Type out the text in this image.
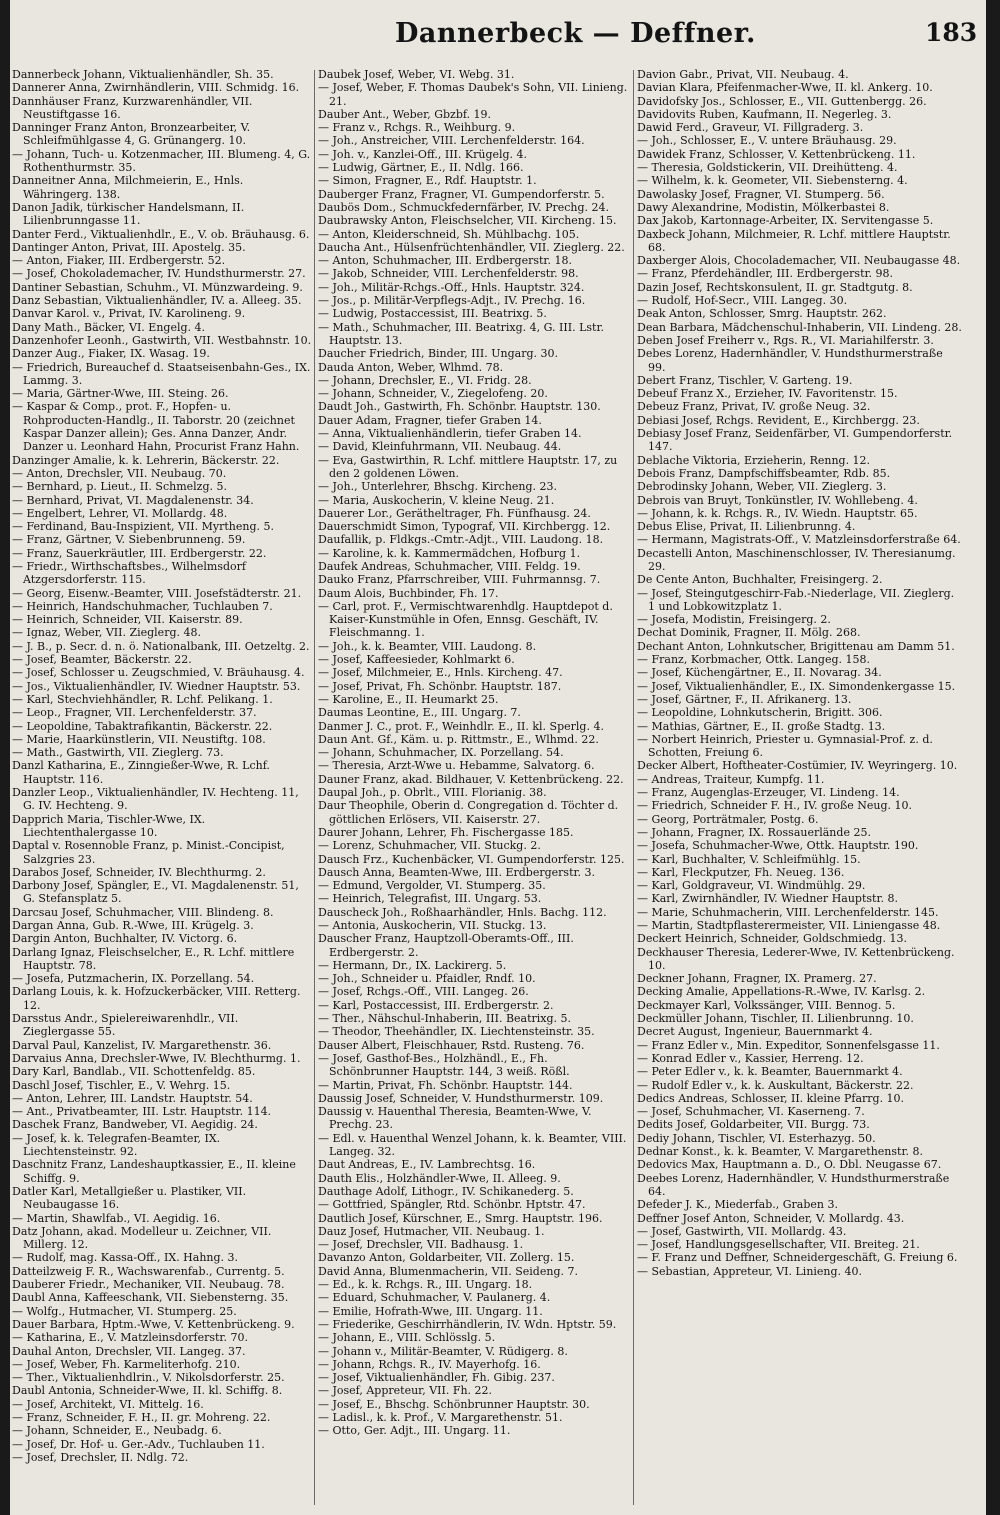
Dannerbeck — Deffner.	183
Dannerbeck Johann, Viktualienhändler, Sh. 35.
Dannerer Anna, Zwirnhändlerin, VIII. Schmidg. 16.
Dannhäuser Franz, Kurzwarenhändler, VII. Neustiftgasse 16.
Danninger Franz Anton, Bronzearbeiter, V. Schleifmühlgasse 4, G. Grünangerg. 10.
— Johann, Tuch- u. Kotzenmacher, III. Blumeng. 4, G. Rothenthurmstr. 35.
Danneitner Anna, Milchmeierin, E., Hnls. Währingerg. 138.
Danon Jadik, türkischer Handelsmann, II. Lilienbrunngasse 11.
Danter Ferd., Viktualienhdlr., E., V. ob. Bräuhausg. 6.
Dantinger Anton, Privat, III. Apostelg. 35.
— Anton, Fiaker, III. Erdbergerstr. 52.
— Josef, Chokolademacher, IV. Hundsthurmerstr. 27.
Dantiner Sebastian, Schuhm., VI. Münzwardeing. 9.
Danz Sebastian, Viktualienhändler, IV. a. Alleeg. 35.
Danvar Karol. v., Privat, IV. Karolineng. 9.
Dany Math., Bäcker, VI. Engelg. 4.
Danzenhofer Leonh., Gastwirth, VII. Westbahnstr. 10.
Danzer Aug., Fiaker, IX. Wasag. 19.
— Friedrich, Bureauchef d. Staatseisenbahn-Ges., IX. Lammg. 3.
— Maria, Gärtner-Wwe, III. Steing. 26.
— Kaspar & Comp., prot. F., Hopfen- u. Rohproducten-Handlg., II. Taborstr. 20 (zeichnet Kaspar Danzer allein); Ges. Anna Danzer, Andr. Danzer u. Leonhard Hahn, Procurist Franz Hahn.
Danzinger Amalie, k. k. Lehrerin, Bäckerstr. 22.
— Anton, Drechsler, VII. Neubaug. 70.
— Bernhard, p. Lieut., II. Schmelzg. 5.
— Bernhard, Privat, VI. Magdalenenstr. 34.
— Engelbert, Lehrer, VI. Mollardg. 48.
— Ferdinand, Bau-Inspizient, VII. Myrtheng. 5.
— Franz, Gärtner, V. Siebenbrunneng. 59.
— Franz, Sauerkräutler, III. Erdbergerstr. 22.
— Friedr., Wirthschaftsbes., Wilhelmsdorf Atzgersdorferstr. 115.
— Georg, Eisenw.-Beamter, VIII. Josefstädterstr. 21.
— Heinrich, Handschuhmacher, Tuchlauben 7.
— Heinrich, Schneider, VII. Kaiserstr. 89.
— Ignaz, Weber, VII. Zieglerg. 48.
— J. B., p. Secr. d. n. ö. Nationalbank, III. Oetzeltg. 2.
— Josef, Beamter, Bäckerstr. 22.
— Josef, Schlosser u. Zeugschmied, V. Bräuhausg. 4.
— Jos., Viktualienhändler, IV. Wiedner Hauptstr. 53.
— Karl, Stechviehhändler, R. Lchf. Pelikang. 1.
— Leop., Fragner, VII. Lerchenfelderstr. 37.
— Leopoldine, Tabaktrafikantin, Bäckerstr. 22.
— Marie, Haarkünstlerin, VII. Neustiftg. 108.
— Math., Gastwirth, VII. Zieglerg. 73.
Danzl Katharina, E., Zinngießer-Wwe, R. Lchf. Hauptstr. 116.
Danzler Leop., Viktualienhändler, IV. Hechteng. 11, G. IV. Hechteng. 9.
Dapprich Maria, Tischler-Wwe, IX. Liechtenthalergasse 10.
Daptal v. Rosennoble Franz, p. Minist.-Concipist, Salzgries 23.
Darabos Josef, Schneider, IV. Blechthurmg. 2.
Darbony Josef, Spängler, E., VI. Magdalenenstr. 51, G. Stefansplatz 5.
Darcsau Josef, Schuhmacher, VIII. Blindeng. 8.
Dargan Anna, Gub. R.-Wwe, III. Krügelg. 3.
Dargin Anton, Buchhalter, IV. Victorg. 6.
Darlang Ignaz, Fleischselcher, E., R. Lchf. mittlere Hauptstr. 78.
— Josefa, Putzmacherin, IX. Porzellang. 54.
Darlang Louis, k. k. Hofzuckerbäcker, VIII. Retterg. 12.
Darsstus Andr., Spielereiwarenhdlr., VII. Zieglergasse 55.
Darval Paul, Kanzelist, IV. Margarethenstr. 36.
Darvaius Anna, Drechsler-Wwe, IV. Blechthurmg. 1.
Dary Karl, Bandlab., VII. Schottenfeldg. 85.
Daschl Josef, Tischler, E., V. Wehrg. 15.
— Anton, Lehrer, III. Landstr. Hauptstr. 54.
— Ant., Privatbeamter, III. Lstr. Hauptstr. 114.
Daschek Franz, Bandweber, VI. Aegidig. 24.
— Josef, k. k. Telegrafen-Beamter, IX. Liechtensteinstr. 92.
Daschnitz Franz, Landeshauptkassier, E., II. kleine Schiffg. 9.
Datler Karl, Metallgießer u. Plastiker, VII. Neubaugasse 16.
— Martin, Shawlfab., VI. Aegidig. 16.
Datz Johann, akad. Modelleur u. Zeichner, VII. Millerg. 12.
— Rudolf, mag. Kassa-Off., IX. Hahng. 3.
Datteilzweig F. R., Wachswarenfab., Currentg. 5.
Dauberer Friedr., Mechaniker, VII. Neubaug. 78.
Daubl Anna, Kaffeeschank, VII. Siebensterng. 35.
— Wolfg., Hutmacher, VI. Stumperg. 25.
Dauer Barbara, Hptm.-Wwe, V. Kettenbrückeng. 9.
— Katharina, E., V. Matzleinsdorferstr. 70.
Dauhal Anton, Drechsler, VII. Langeg. 37.
— Josef, Weber, Fh. Karmeliterhofg. 210.
— Ther., Viktualienhdlrin., V. Nikolsdorferstr. 25.
Daubl Antonia, Schneider-Wwe, II. kl. Schiffg. 8.
— Josef, Architekt, VI. Mittelg. 16.
— Franz, Schneider, F. H., II. gr. Mohreng. 22.
— Johann, Schneider, E., Neubadg. 6.
— Josef, Dr. Hof- u. Ger.-Adv., Tuchlauben 11.
— Josef, Drechsler, II. Ndlg. 72.
Daubek Josef, Weber, VI. Webg. 31.
— Josef, Weber, F. Thomas Daubek's Sohn, VII. Linieng. 21.
Dauber Ant., Weber, Gbzbf. 19.
— Franz v., Rchgs. R., Weihburg. 9.
— Joh., Anstreicher, VIII. Lerchenfelderstr. 164.
— Joh. v., Kanzlei-Off., III. Krügelg. 4.
— Ludwig, Gärtner, E., II. Ndlg. 166.
— Simon, Fragner, E., Rdf. Hauptstr. 1.
Dauberger Franz, Fragner, VI. Gumpendorferstr. 5.
Daubös Dom., Schmuckfedernfärber, IV. Prechg. 24.
Daubrawsky Anton, Fleischselcher, VII. Kircheng. 15.
— Anton, Kleiderschneid, Sh. Mühlbachg. 105.
Daucha Ant., Hülsenfrüchtenhändler, VII. Zieglerg. 22.
— Anton, Schuhmacher, III. Erdbergerstr. 18.
— Jakob, Schneider, VIII. Lerchenfelderstr. 98.
— Joh., Militär-Rchgs.-Off., Hnls. Hauptstr. 324.
— Jos., p. Militär-Verpflegs-Adjt., IV. Prechg. 16.
— Ludwig, Postaccessist, III. Beatrixg. 5.
— Math., Schuhmacher, III. Beatrixg. 4, G. III. Lstr. Hauptstr. 13.
Daucher Friedrich, Binder, III. Ungarg. 30.
Dauda Anton, Weber, Wlhmd. 78.
— Johann, Drechsler, E., VI. Fridg. 28.
— Johann, Schneider, V., Ziegelofeng. 20.
Daudt Joh., Gastwirth, Fh. Schönbr. Hauptstr. 130.
Dauer Adam, Fragner, tiefer Graben 14.
— Anna, Viktualienhändlerin, tiefer Graben 14.
— David, Kleinfuhrmann, VII. Neubaug. 44.
— Eva, Gastwirthin, R. Lchf. mittlere Hauptstr. 17, zu den 2 goldenen Löwen.
— Joh., Unterlehrer, Bhschg. Kircheng. 23.
— Maria, Auskocherin, V. kleine Neug. 21.
Dauerer Lor., Gerätheltrager, Fh. Fünfhausg. 24.
Dauerschmidt Simon, Typograf, VII. Kirchbergg. 12.
Daufallik, p. Fldkgs.-Cmtr.-Adjt., VIII. Laudong. 18.
— Karoline, k. k. Kammermädchen, Hofburg 1.
Daufek Andreas, Schuhmacher, VIII. Feldg. 19.
Dauko Franz, Pfarrschreiber, VIII. Fuhrmannsg. 7.
Daum Alois, Buchbinder, Fh. 17.
— Carl, prot. F., Vermischtwarenhdlg. Hauptdepot d. Kaiser-Kunstmühle in Ofen, Ennsg. Geschäft, IV. Fleischmanng. 1.
— Joh., k. k. Beamter, VIII. Laudong. 8.
— Josef, Kaffeesieder, Kohlmarkt 6.
— Josef, Milchmeier, E., Hnls. Kircheng. 47.
— Josef, Privat, Fh. Schönbr. Hauptstr. 187.
— Karoline, E., II. Heumarkt 25.
Daumas Leontine, E., III. Ungarg. 7.
Danmer J. C., prot. F., Weinhdlr. E., II. kl. Sperlg. 4.
Daun Ant. Gf., Käm. u. p. Rittmstr., E., Wlhmd. 22.
— Johann, Schuhmacher, IX. Porzellang. 54.
— Theresia, Arzt-Wwe u. Hebamme, Salvatorg. 6.
Dauner Franz, akad. Bildhauer, V. Kettenbrückeng. 22.
Daupal Joh., p. Obrlt., VIII. Florianig. 38.
Daur Theophile, Oberin d. Congregation d. Töchter d. göttlichen Erlösers, VII. Kaiserstr. 27.
Daurer Johann, Lehrer, Fh. Fischergasse 185.
— Lorenz, Schuhmacher, VII. Stuckg. 2.
Dausch Frz., Kuchenbäcker, VI. Gumpendorferstr. 125.
Dausch Anna, Beamten-Wwe, III. Erdbergerstr. 3.
— Edmund, Vergolder, VI. Stumperg. 35.
— Heinrich, Telegrafist, III. Ungarg. 53.
Dauscheck Joh., Roßhaarhändler, Hnls. Bachg. 112.
— Antonia, Auskocherin, VII. Stuckg. 13.
Dauscher Franz, Hauptzoll-Oberamts-Off., III. Erdbergerstr. 2.
— Hermann, Dr., IX. Lackirerg. 5.
— Joh., Schneider u. Pfaidler, Rndf. 10.
— Josef, Rchgs.-Off., VIII. Langeg. 26.
— Karl, Postaccessist, III. Erdbergerstr. 2.
— Ther., Nähschul-Inhaberin, III. Beatrixg. 5.
— Theodor, Theehändler, IX. Liechtensteinstr. 35.
Dauser Albert, Fleischhauer, Rstd. Rusteng. 76.
— Josef, Gasthof-Bes., Holzhändl., E., Fh. Schönbrunner Hauptstr. 144, 3 weiß. Rößl.
— Martin, Privat, Fh. Schönbr. Hauptstr. 144.
Daussig Josef, Schneider, V. Hundsthurmerstr. 109.
Daussig v. Hauenthal Theresia, Beamten-Wwe, V. Prechg. 23.
— Edl. v. Hauenthal Wenzel Johann, k. k. Beamter, VIII. Langeg. 32.
Daut Andreas, E., IV. Lambrechtsg. 16.
Dauth Elis., Holzhändler-Wwe, II. Alleeg. 9.
Dauthage Adolf, Lithogr., IV. Schikanederg. 5.
— Gottfried, Spängler, Rtd. Schönbr. Hptstr. 47.
Dautlich Josef, Kürschner, E., Smrg. Hauptstr. 196.
Dauz Josef, Hutmacher, VII. Neubaug. 1.
— Josef, Drechsler, VII. Badhausg. 1.
Davanzo Anton, Goldarbeiter, VII. Zollerg. 15.
David Anna, Blumenmacherin, VII. Seideng. 7.
— Ed., k. k. Rchgs. R., III. Ungarg. 18.
— Eduard, Schuhmacher, V. Paulanerg. 4.
— Emilie, Hofrath-Wwe, III. Ungarg. 11.
— Friederike, Geschirrhändlerin, IV. Wdn. Hptstr. 59.
— Johann, E., VIII. Schlösslg. 5.
— Johann v., Militär-Beamter, V. Rüdigerg. 8.
— Johann, Rchgs. R., IV. Mayerhofg. 16.
— Josef, Viktualienhändler, Fh. Gibig. 237.
— Josef, Appreteur, VII. Fh. 22.
— Josef, E., Bhschg. Schönbrunner Hauptstr. 30.
— Ladisl., k. k. Prof., V. Margarethenstr. 51.
— Otto, Ger. Adjt., III. Ungarg. 11.
Davion Gabr., Privat, VII. Neubaug. 4.
Davian Klara, Pfeifenmacher-Wwe, II. kl. Ankerg. 10.
Davidofsky Jos., Schlosser, E., VII. Guttenbergg. 26.
Davidovits Ruben, Kaufmann, II. Negerleg. 3.
Dawid Ferd., Graveur, VI. Fillgraderg. 3.
— Joh., Schlosser, E., V. untere Bräuhausg. 29.
Dawidek Franz, Schlosser, V. Kettenbrückeng. 11.
— Theresia, Goldstickerin, VII. Dreihütteng. 4.
— Wilhelm, k. k. Geometer, VII. Siebensterng. 4.
Dawolasky Josef, Fragner, VI. Stumperg. 56.
Dawy Alexandrine, Modistin, Mölkerbastei 8.
Dax Jakob, Kartonnage-Arbeiter, IX. Servitengasse 5.
Daxbeck Johann, Milchmeier, R. Lchf. mittlere Hauptstr. 68.
Daxberger Alois, Chocolademacher, VII. Neubaugasse 48.
— Franz, Pferdehändler, III. Erdbergerstr. 98.
Dazin Josef, Rechtskonsulent, II. gr. Stadtgutg. 8.
— Rudolf, Hof-Secr., VIII. Langeg. 30.
Deak Anton, Schlosser, Smrg. Hauptstr. 262.
Dean Barbara, Mädchenschul-Inhaberin, VII. Lindeng. 28.
Deben Josef Freiherr v., Rgs. R., VI. Mariahilferstr. 3.
Debes Lorenz, Hadernhändler, V. Hundsthurmerstraße 99.
Debert Franz, Tischler, V. Garteng. 19.
Debeuf Franz X., Erzieher, IV. Favoritenstr. 15.
Debeuz Franz, Privat, IV. große Neug. 32.
Debiasi Josef, Rchgs. Revident, E., Kirchbergg. 23.
Debiasy Josef Franz, Seidenfärber, VI. Gumpendorferstr. 147.
Deblache Viktoria, Erzieherin, Renng. 12.
Debois Franz, Dampfschiffsbeamter, Rdb. 85.
Debrodinsky Johann, Weber, VII. Zieglerg. 3.
Debrois van Bruyt, Tonkünstler, IV. Wohllebeng. 4.
— Johann, k. k. Rchgs. R., IV. Wiedn. Hauptstr. 65.
Debus Elise, Privat, II. Lilienbrunng. 4.
— Hermann, Magistrats-Off., V. Matzleinsdorferstraße 64.
Decastelli Anton, Maschinenschlosser, IV. Theresianumg. 29.
De Cente Anton, Buchhalter, Freisingerg. 2.
— Josef, Steingutgeschirr-Fab.-Niederlage, VII. Zieglerg. 1 und Lobkowitzplatz 1.
— Josefa, Modistin, Freisingerg. 2.
Dechat Dominik, Fragner, II. Mölg. 268.
Dechant Anton, Lohnkutscher, Brigittenau am Damm 51.
— Franz, Korbmacher, Ottk. Langeg. 158.
— Josef, Küchengärtner, E., II. Novarag. 34.
— Josef, Viktualienhändler, E., IX. Simondenkergasse 15.
— Josef, Gärtner, F., II. Afrikanerg. 13.
— Leopoldine, Lohnkutscherin, Brigitt. 306.
— Mathias, Gärtner, E., II. große Stadtg. 13.
— Norbert Heinrich, Priester u. Gymnasial-Prof. z. d. Schotten, Freiung 6.
Decker Albert, Hoftheater-Costümier, IV. Weyringerg. 10.
— Andreas, Traiteur, Kumpfg. 11.
— Franz, Augenglas-Erzeuger, VI. Lindeng. 14.
— Friedrich, Schneider F. H., IV. große Neug. 10.
— Georg, Porträtmaler, Postg. 6.
— Johann, Fragner, IX. Rossauerlände 25.
— Josefa, Schuhmacher-Wwe, Ottk. Hauptstr. 190.
— Karl, Buchhalter, V. Schleifmühlg. 15.
— Karl, Fleckputzer, Fh. Neueg. 136.
— Karl, Goldgraveur, VI. Windmühlg. 29.
— Karl, Zwirnhändler, IV. Wiedner Hauptstr. 8.
— Marie, Schuhmacherin, VIII. Lerchenfelderstr. 145.
— Martin, Stadtpflasterermeister, VII. Liniengasse 48.
Deckert Heinrich, Schneider, Goldschmiedg. 13.
Deckhauser Theresia, Lederer-Wwe, IV. Kettenbrückeng. 10.
Deckner Johann, Fragner, IX. Pramerg. 27.
Decking Amalie, Appellations-R.-Wwe, IV. Karlsg. 2.
Deckmayer Karl, Volkssänger, VIII. Bennog. 5.
Deckmüller Johann, Tischler, II. Lilienbrunng. 10.
Decret August, Ingenieur, Bauernmarkt 4.
— Franz Edler v., Min. Expeditor, Sonnenfelsgasse 11.
— Konrad Edler v., Kassier, Herreng. 12.
— Peter Edler v., k. k. Beamter, Bauernmarkt 4.
— Rudolf Edler v., k. k. Auskultant, Bäckerstr. 22.
Dedics Andreas, Schlosser, II. kleine Pfarrg. 10.
— Josef, Schuhmacher, VI. Kaserneng. 7.
Dedits Josef, Goldarbeiter, VII. Burgg. 73.
Dediy Johann, Tischler, VI. Esterhazyg. 50.
Dednar Konst., k. k. Beamter, V. Margarethenstr. 8.
Dedovics Max, Hauptmann a. D., O. Dbl. Neugasse 67.
Deebes Lorenz, Hadernhändler, V. Hundsthurmerstraße 64.
Defeder J. K., Miederfab., Graben 3.
Deffner Josef Anton, Schneider, V. Mollardg. 43.
— Josef, Gastwirth, VII. Mollardg. 43.
— Josef, Handlungsgesellschafter, VII. Breiteg. 21.
— F. Franz und Deffner, Schneidergeschäft, G. Freiung 6.
— Sebastian, Appreteur, VI. Linieng. 40.
